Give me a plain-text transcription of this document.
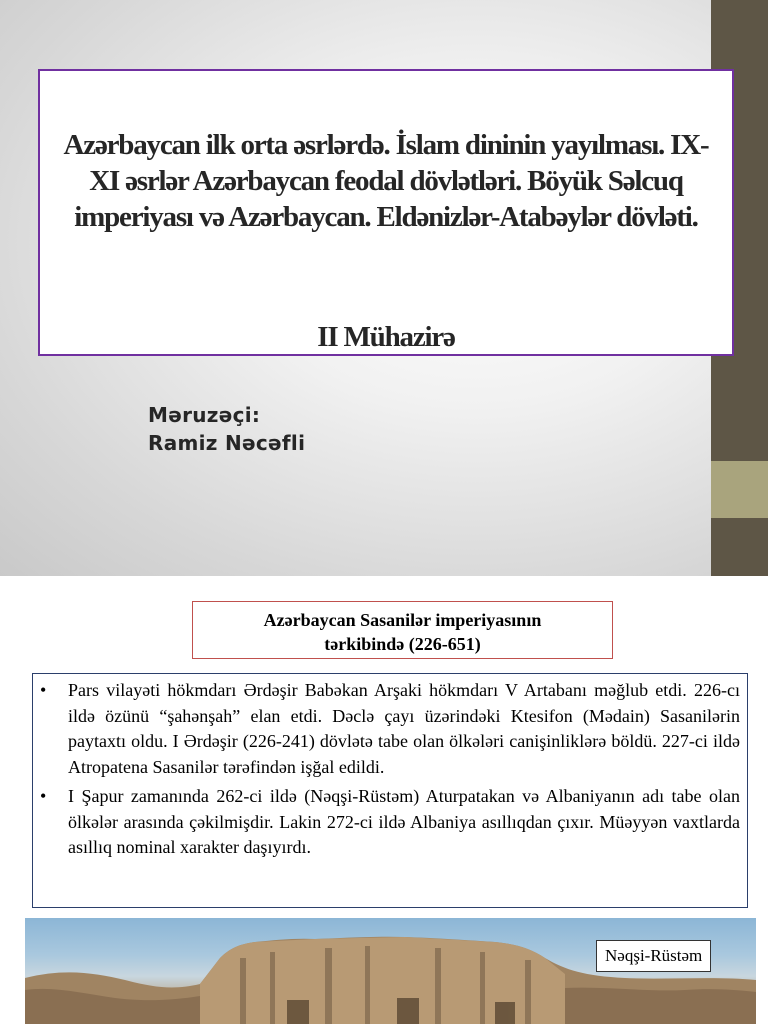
Azərbaycan ilk orta əsrlərdə. İslam dininin yayılması. IX-XI əsrlər Azərbaycan feodal dövlətləri. Böyük Səlcuq imperiyası və Azərbaycan. Eldənizlər-Atabəylər dövləti.
II Mühazirə
Məruzəçi:
Ramiz Nəcəfli
Azərbaycan Sasanilər imperiyasının
tərkibində (226-651)
• Pars vilayəti hökmdarı Ərdəşir Babəkan Arşaki hökmdarı V Artabanı məğlub etdi. 226-cı ildə özünü “şahənşah” elan etdi. Dəclə çayı üzərindəki Ktesifon (Mədain) Sasanilərin paytaxtı oldu. I Ərdəşir (226-241) dövlətə tabe olan ölkələri canişinliklərə böldü. 227-ci ildə Atropatena Sasanilər tərəfindən işğal edildi.
• I Şapur zamanında 262-ci ildə (Nəqşi-Rüstəm) Aturpatakan və Albaniyanın adı tabe olan ölkələr arasında çəkilmişdir. Lakin 272-ci ildə Albaniya asıllıqdan çıxır. Müəyyən vaxtlarda asıllıq nominal xarakter daşıyırdı.
Nəqşi-Rüstəm
